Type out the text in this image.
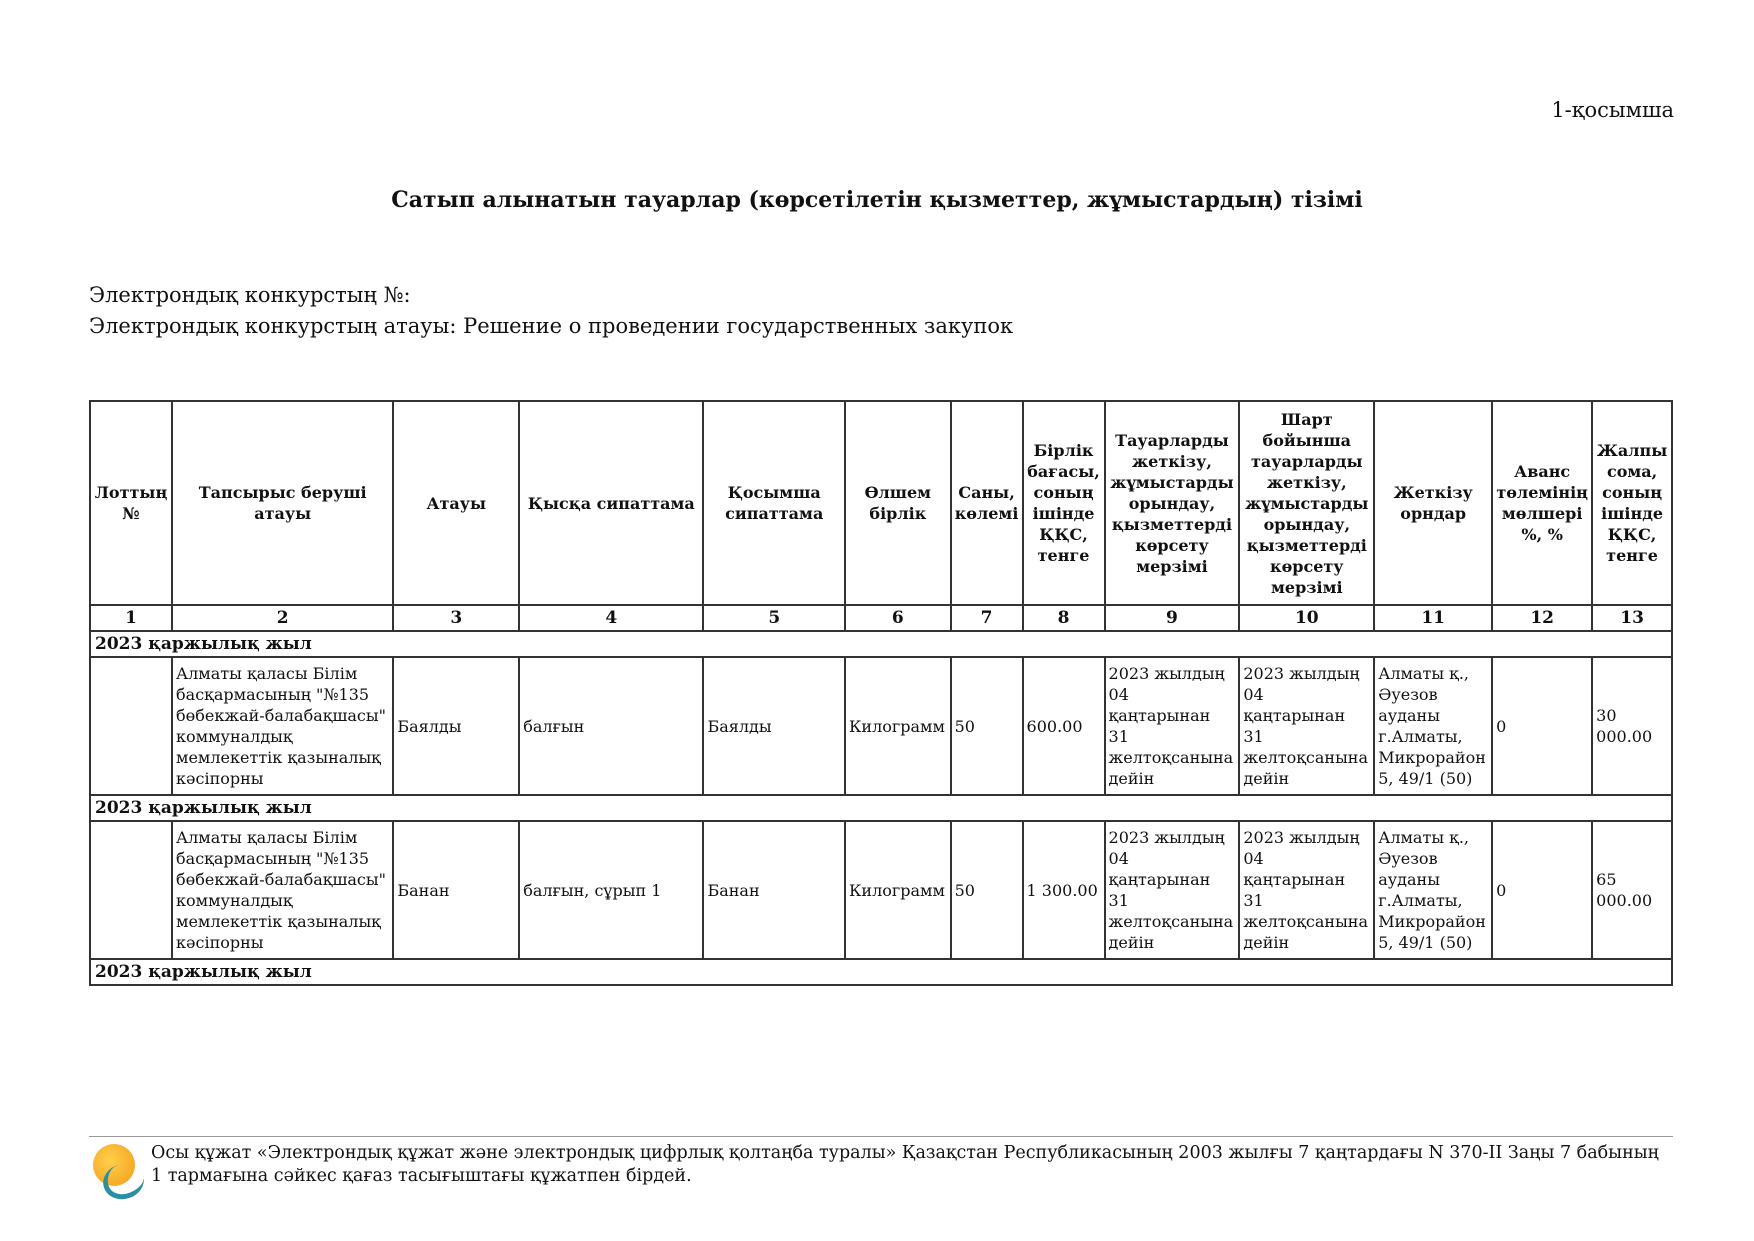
1-қосымша
Сатып алынатын тауарлар (көрсетілетін қызметтер, жұмыстардың) тізімі
Электрондық конкурстың №:
Электрондық конкурстың атауы: Решение о проведении государственных закупок
Лоттың №	Тапсырыс беруші атауы	Атауы	Қысқа сипаттама	Қосымша сипаттама	Өлшем бірлік	Саны, көлемі	Бірлік бағасы, соның ішінде ҚҚС, тенге	Тауарларды жеткізу, жұмыстарды орындау, қызметтерді көрсету мерзімі	Шарт бойынша тауарларды жеткізу, жұмыстарды орындау, қызметтерді көрсету мерзімі	Жеткізу орндар	Аванс төлемінің мөлшері %, %	Жалпы сома, соның ішінде ҚҚС, тенге
1	2	3	4	5	6	7	8	9	10	11	12	13
2023 қаржылық жыл												
	Алматы қаласы Білім басқармасының "№135 бөбекжай-балабақшасы" коммуналдық мемлекеттік қазыналық кәсіпорны	Баялды	балғын	Баялды	Килограмм	50	600.00	2023 жылдың 04 қаңтарынан 31 желтоқсанына дейін	2023 жылдың 04 қаңтарынан 31 желтоқсанына дейін	Алматы қ., Әуезов ауданы г.Алматы, Микрорайон 5, 49/1 (50)	0	30 000.00
2023 қаржылық жыл												
	Алматы қаласы Білім басқармасының "№135 бөбекжай-балабақшасы" коммуналдық мемлекеттік қазыналық кәсіпорны	Банан	балғын, сұрып 1	Банан	Килограмм	50	1 300.00	2023 жылдың 04 қаңтарынан 31 желтоқсанына дейін	2023 жылдың 04 қаңтарынан 31 желтоқсанына дейін	Алматы қ., Әуезов ауданы г.Алматы, Микрорайон 5, 49/1 (50)	0	65 000.00
2023 қаржылық жыл												
Осы құжат «Электрондық құжат және электрондық цифрлық қолтаңба туралы» Қазақстан Республикасының 2003 жылғы 7 қаңтардағы N 370-II Заңы 7 бабының 1 тармағына сәйкес қағаз тасығыштағы құжатпен бірдей.
